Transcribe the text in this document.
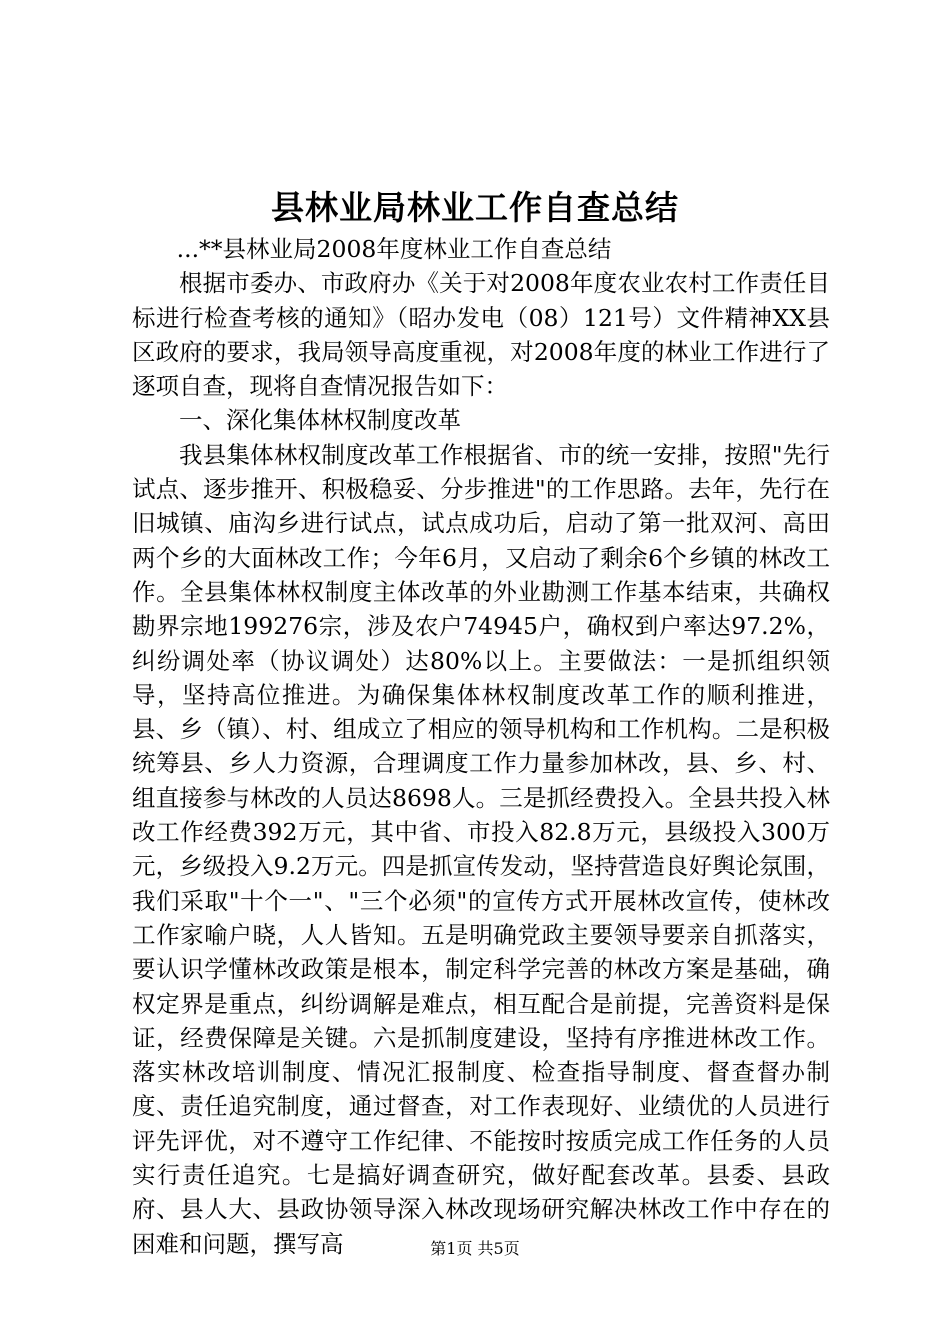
县林业局林业工作自查总结

...**县林业局2008年度林业工作自查总结

根据市委办、市政府办《关于对2008年度农业农村工作责任目标进行检查考核的通知》（昭办发电（08）121号）文件精神XX县区政府的要求，我局领导高度重视，对2008年度的林业工作进行了逐项自查，现将自查情况报告如下：

一、深化集体林权制度改革

我县集体林权制度改革工作根据省、市的统一安排，按照"先行试点、逐步推开、积极稳妥、分步推进"的工作思路。去年，先行在旧城镇、庙沟乡进行试点，试点成功后，启动了第一批双河、高田两个乡的大面林改工作；今年6月，又启动了剩余6个乡镇的林改工作。全县集体林权制度主体改革的外业勘测工作基本结束，共确权勘界宗地199276宗，涉及农户74945户，确权到户率达97.2%，纠纷调处率（协议调处）达80%以上。主要做法：一是抓组织领导，坚持高位推进。为确保集体林权制度改革工作的顺利推进，县、乡（镇）、村、组成立了相应的领导机构和工作机构。二是积极统筹县、乡人力资源，合理调度工作力量参加林改，县、乡、村、组直接参与林改的人员达8698人。三是抓经费投入。全县共投入林改工作经费392万元，其中省、市投入82.8万元，县级投入300万元，乡级投入9.2万元。四是抓宣传发动，坚持营造良好舆论氛围，我们采取"十个一"、"三个必须"的宣传方式开展林改宣传，使林改工作家喻户晓，人人皆知。五是明确党政主要领导要亲自抓落实，要认识学懂林改政策是根本，制定科学完善的林改方案是基础，确权定界是重点，纠纷调解是难点，相互配合是前提，完善资料是保证，经费保障是关键。六是抓制度建设，坚持有序推进林改工作。落实林改培训制度、情况汇报制度、检查指导制度、督查督办制度、责任追究制度，通过督查，对工作表现好、业绩优的人员进行评先评优，对不遵守工作纪律、不能按时按质完成工作任务的人员实行责任追究。七是搞好调查研究，做好配套改革。县委、县政府、县人大、县政协领导深入林改现场研究解决林改工作中存在的困难和问题，撰写高	第1页 共5页
